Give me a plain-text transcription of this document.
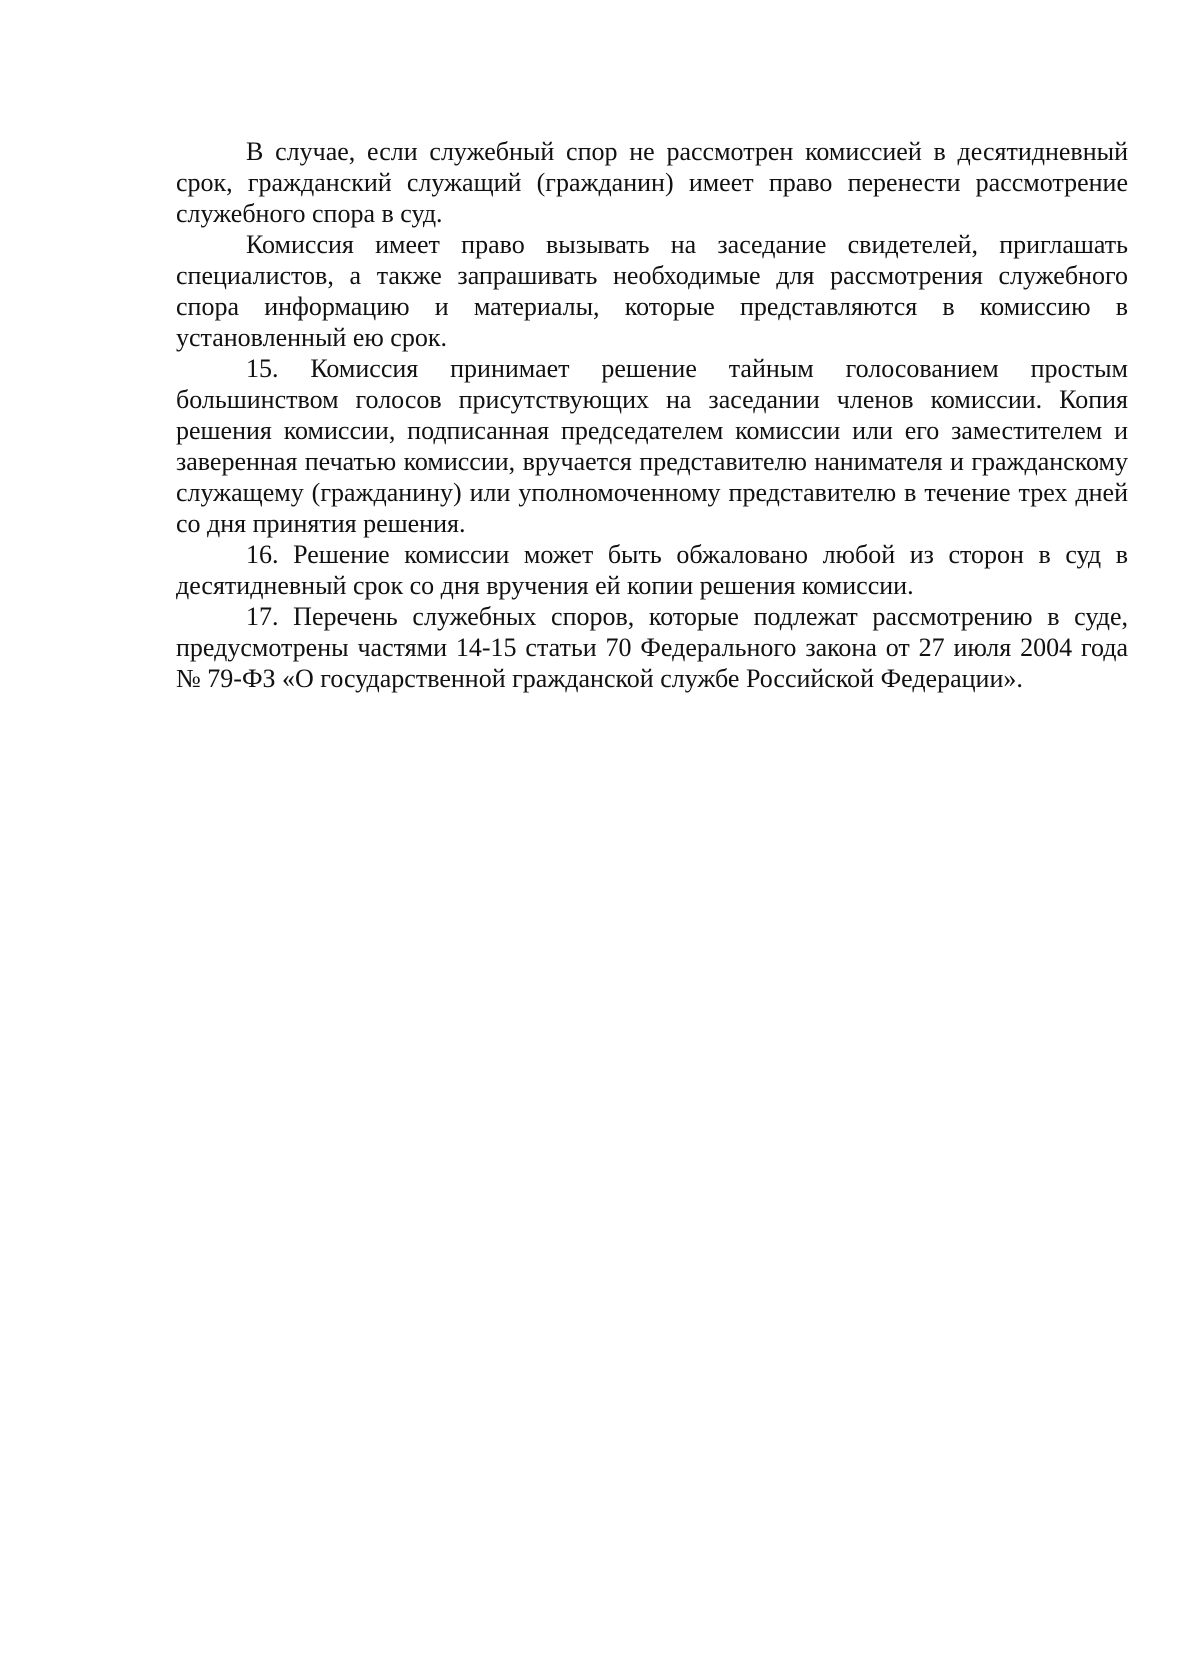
В случае, если служебный спор не рассмотрен комиссией в десятидневный срок, гражданский служащий (гражданин) имеет право перенести рассмотрение служебного спора в суд.

Комиссия имеет право вызывать на заседание свидетелей, приглашать специалистов, а также запрашивать необходимые для рассмотрения служебного спора информацию и материалы, которые представляются в комиссию в установленный ею срок.

15. Комиссия принимает решение тайным голосованием простым большинством голосов присутствующих на заседании членов комиссии. Копия решения комиссии, подписанная председателем комиссии или его заместителем и заверенная печатью комиссии, вручается представителю нанимателя и гражданскому служащему (гражданину) или уполномоченному представителю в течение трех дней со дня принятия решения.

16. Решение комиссии может быть обжаловано любой из сторон в суд в десятидневный срок со дня вручения ей копии решения комиссии.

17. Перечень служебных споров, которые подлежат рассмотрению в суде, предусмотрены частями 14-15 статьи 70 Федерального закона от 27 июля 2004 года № 79-ФЗ «О государственной гражданской службе Российской Федерации».
